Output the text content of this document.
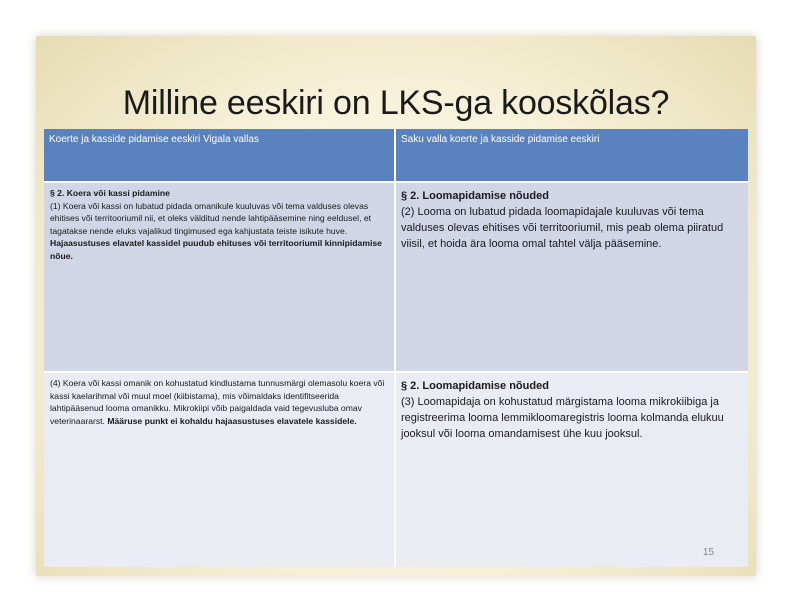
Milline eeskiri on LKS-ga kooskõlas?
Koerte ja kasside pidamise eeskiri Vigala vallas	Saku valla koerte ja kasside pidamise eeskiri
§ 2. Koera või kassi pidamine
(1) Koera või kassi on lubatud pidada omanikule kuuluvas või tema valduses olevas ehitises või territooriumil nii, et oleks välditud nende lahtipääsemine ning eeldusel, et tagatakse nende eluks vajalikud tingimused ega kahjustata teiste isikute huve. Hajaasustuses elavatel kassidel puudub ehituses või territooriumil kinnipidamise nõue.
§ 2. Loomapidamise nõuded
(2) Looma on lubatud pidada loomapidajale kuuluvas või tema valduses olevas ehitises või territooriumil, mis peab olema piiratud viisil, et hoida ära looma omal tahtel välja pääsemine.
(4) Koera või kassi omanik on kohustatud kindlustama tunnusmärgi olemasolu koera või kassi kaelarihmal või muul moel (kiibistama), mis võimaldaks identifitseerida lahtipääsenud looma omanikku. Mikrokiipi võib paigaldada vaid tegevusluba omav veterinaararst. Määruse punkt ei kohaldu hajaasustuses elavatele kassidele.
§ 2. Loomapidamise nõuded
(3) Loomapidaja on kohustatud märgistama looma mikrokiibiga ja registreerima looma lemmikloomaregistris looma kolmanda elukuu jooksul või looma omandamisest ühe kuu jooksul.
15
